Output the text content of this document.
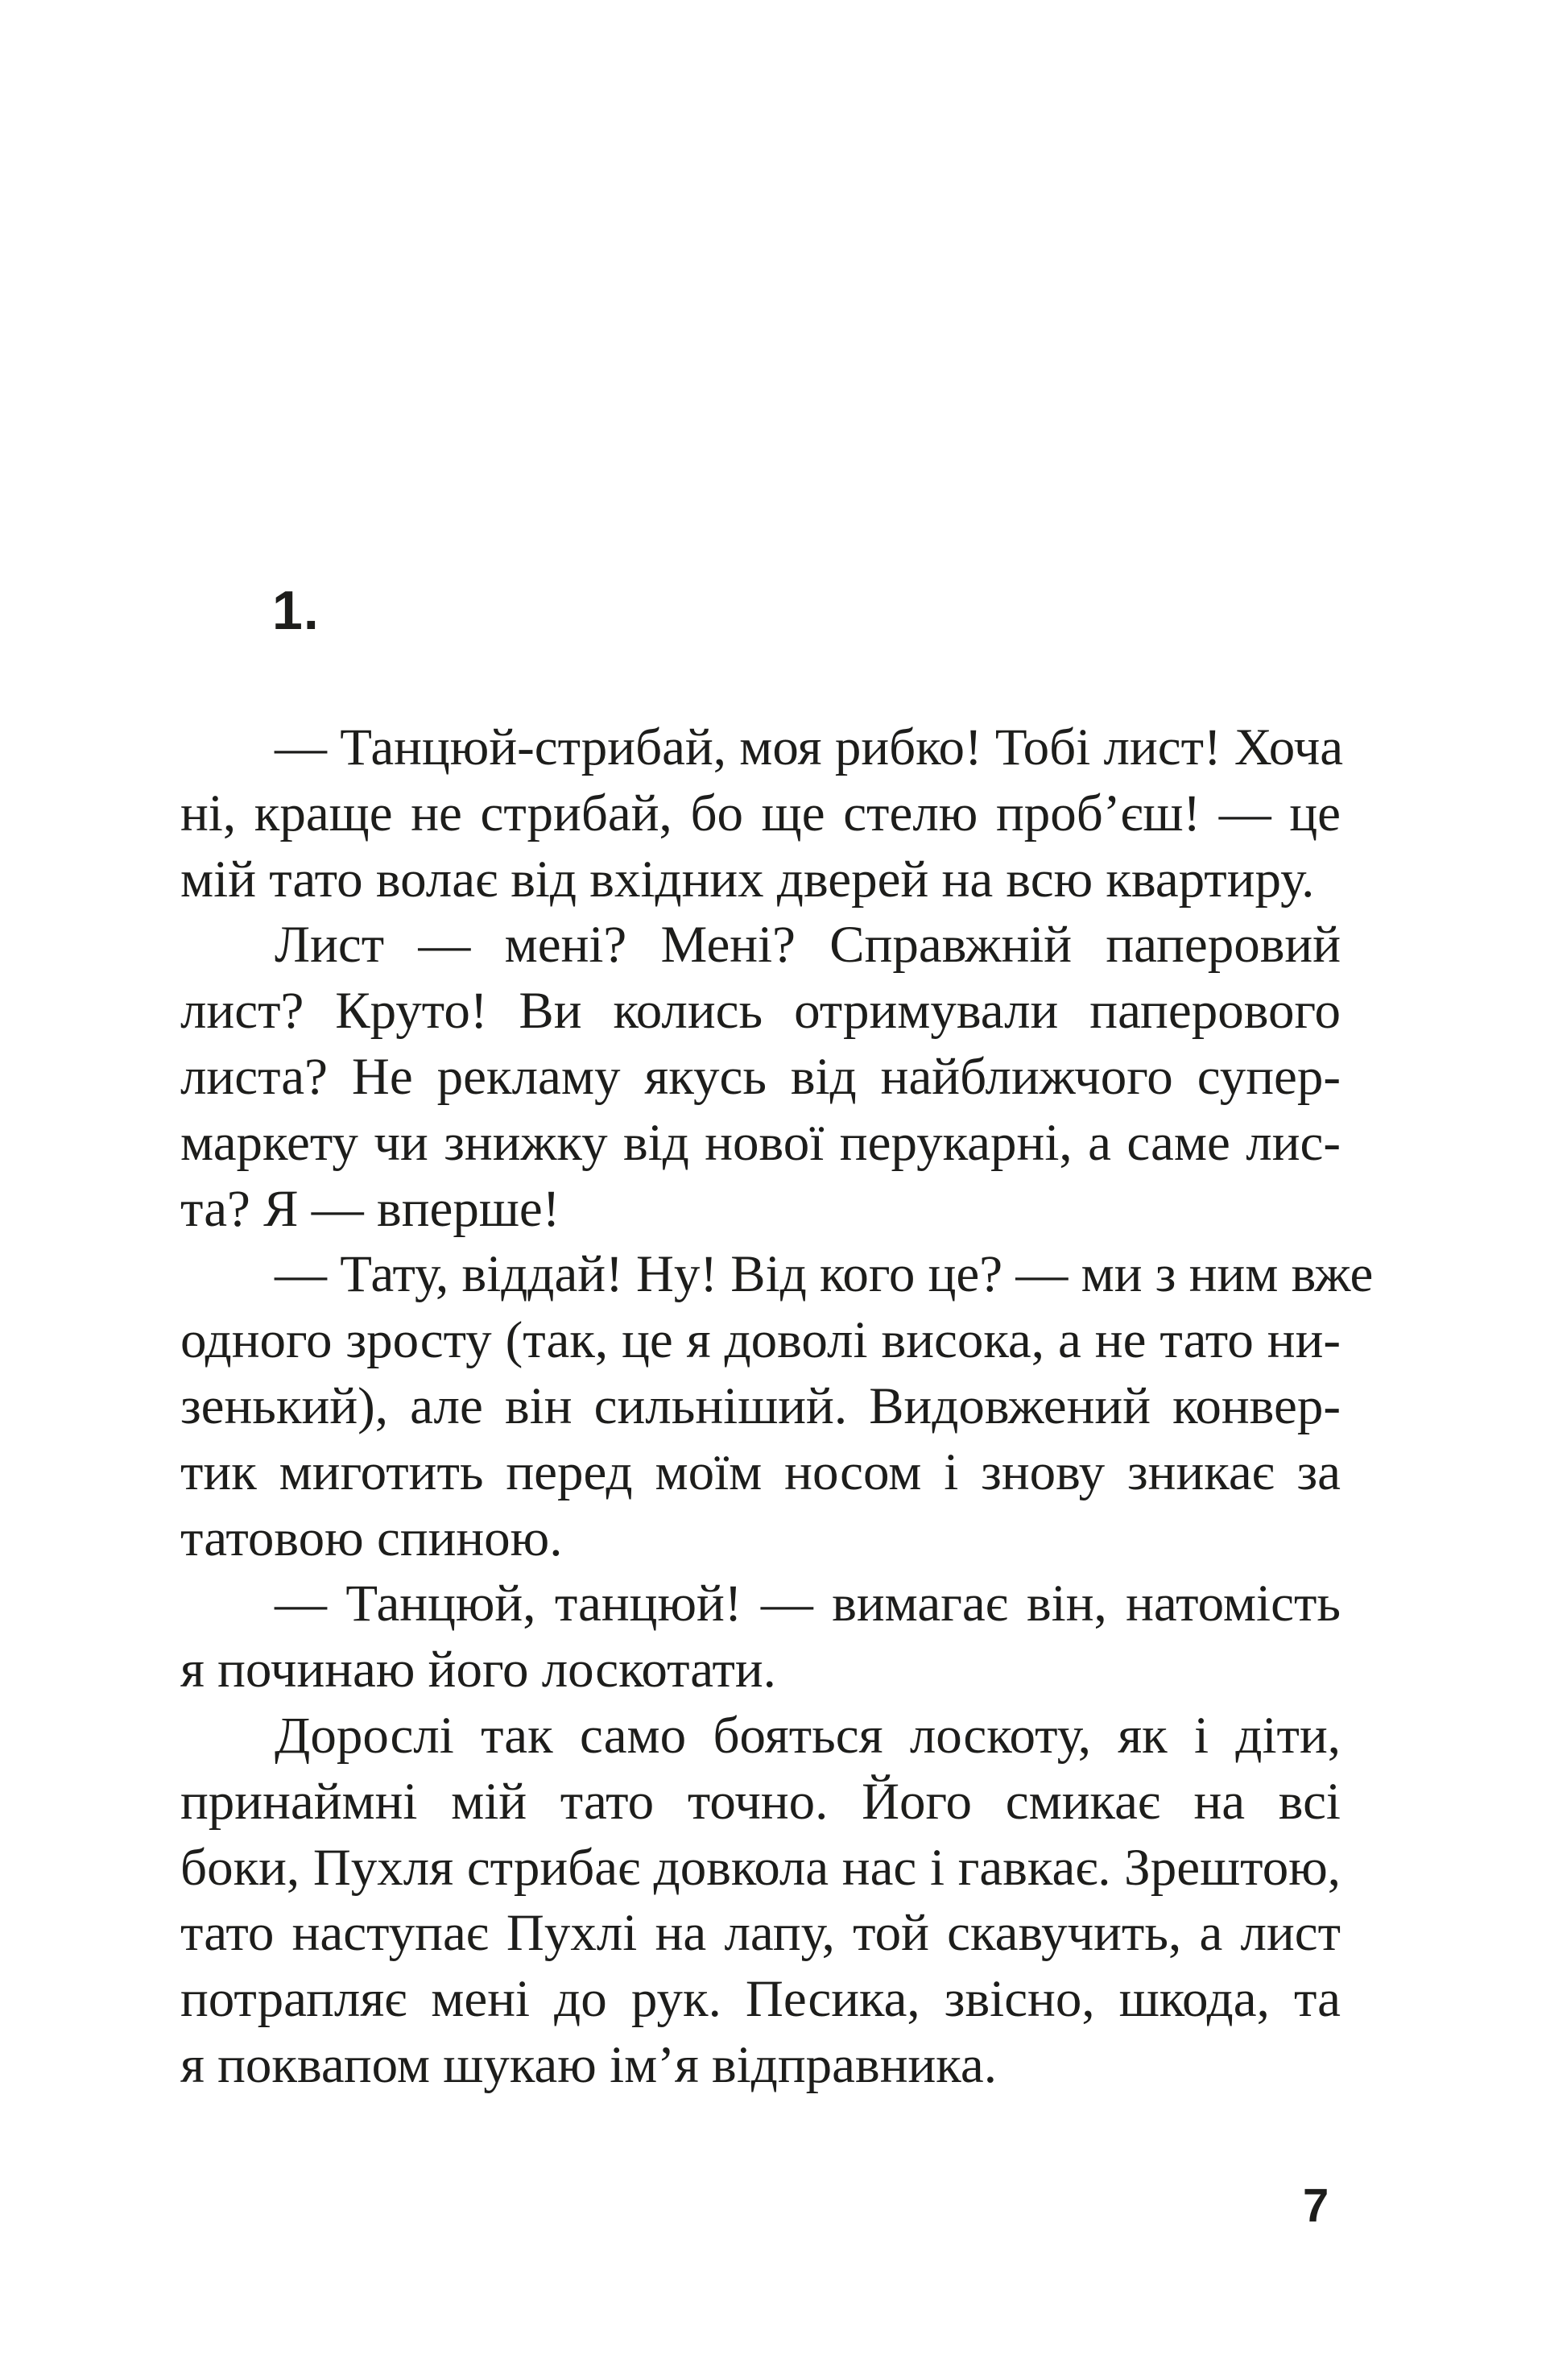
1.
— Танцюй-стрибай, моя рибко! Тобі лист! Хоча
ні, краще не стрибай, бо ще стелю проб’єш! — це
мій тато волає від вхідних дверей на всю квартиру.
Лист — мені? Мені? Справжній паперовий
лист? Круто! Ви колись отримували паперового
листа? Не рекламу якусь від найближчого супер-
маркету чи знижку від нової перукарні, а саме лис-
та? Я — вперше!
— Тату, віддай! Ну! Від кого це? — ми з ним вже
одного зросту (так, це я доволі висока, а не тато ни-
зенький), але він сильніший. Видовжений конвер-
тик миготить перед моїм носом і знову зникає за
татовою спиною.
— Танцюй, танцюй! — вимагає він, натомість
я починаю його лоскотати.
Дорослі так само бояться лоскоту, як і діти,
принаймні мій тато точно. Його смикає на всі
боки, Пухля стрибає довкола нас і гавкає. Зрештою,
тато наступає Пухлі на лапу, той скавучить, а лист
потрапляє мені до рук. Песика, звісно, шкода, та
я поквапом шукаю ім’я відправника.
7
